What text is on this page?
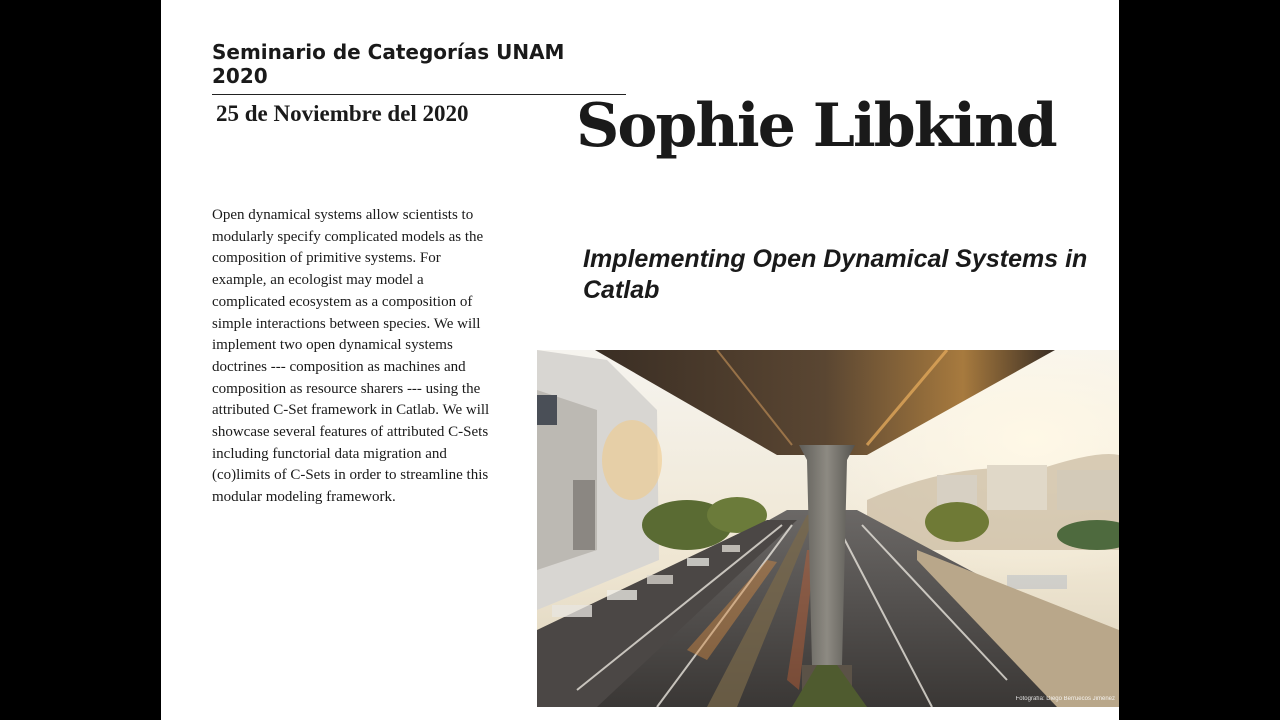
Seminario de Categorías UNAM 2020

25 de Noviembre del 2020 Sophie Libkind
Implementing Open Dynamical Systems in Catlab

Open dynamical systems allow scientists to
modularly specify complicated models as the
composition of primitive systems. For
example, an ecologist may model a
complicated ecosystem as a composition of
simple interactions between species. We will
implement two open dynamical systems
doctrines --- composition as machines and
composition as resource sharers --- using the
attributed C-Set framework in Catlab. We will
showcase several features of attributed C-Sets
including functorial data migration and
(co)limits of C-Sets in order to streamline this
modular modeling framework.

Fotografía: Diego Berruecos Jiménez
